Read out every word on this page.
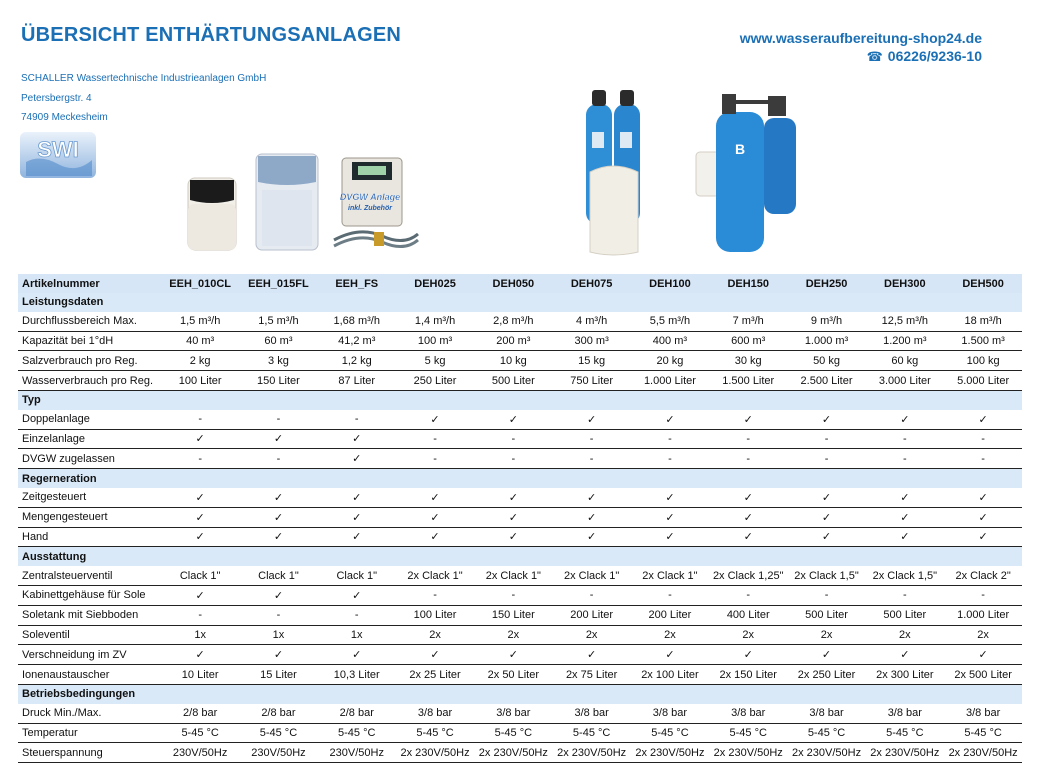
ÜBERSICHT ENTHÄRTUNGSANLAGEN	www.wasseraufbereitung-shop24.de
☎ 06226/9236-10
SCHALLER Wassertechnische Industrieanlagen GmbH
Petersbergstr. 4
74909 Meckesheim
SWI
DVGW Anlage
inkl. Zubehör
B
Artikelnummer	EEH_010CL	EEH_015FL	EEH_FS	DEH025	DEH050	DEH075	DEH100	DEH150	DEH250	DEH300	DEH500
Leistungsdaten											
Durchflussbereich Max.	1,5 m³/h	1,5 m³/h	1,68 m³/h	1,4 m³/h	2,8 m³/h	4 m³/h	5,5 m³/h	7 m³/h	9 m³/h	12,5 m³/h	18 m³/h
Kapazität bei 1°dH	40 m³	60 m³	41,2 m³	100 m³	200 m³	300 m³	400 m³	600 m³	1.000 m³	1.200 m³	1.500 m³
Salzverbrauch pro Reg.	2 kg	3 kg	1,2 kg	5 kg	10 kg	15 kg	20 kg	30 kg	50 kg	60 kg	100 kg
Wasserverbrauch pro Reg.	100 Liter	150 Liter	87 Liter	250 Liter	500 Liter	750 Liter	1.000 Liter	1.500 Liter	2.500 Liter	3.000 Liter	5.000 Liter
Typ											
Doppelanlage	-	-	-	✓	✓	✓	✓	✓	✓	✓	✓
Einzelanlage	✓	✓	✓	-	-	-	-	-	-	-	-
DVGW zugelassen	-	-	✓	-	-	-	-	-	-	-	-
Regerneration											
Zeitgesteuert	✓	✓	✓	✓	✓	✓	✓	✓	✓	✓	✓
Mengengesteuert	✓	✓	✓	✓	✓	✓	✓	✓	✓	✓	✓
Hand	✓	✓	✓	✓	✓	✓	✓	✓	✓	✓	✓
Ausstattung											
Zentralsteuerventil	Clack 1"	Clack 1"	Clack 1"	2x Clack 1"	2x Clack 1"	2x Clack 1"	2x Clack 1"	2x Clack 1,25"	2x Clack 1,5"	2x Clack 1,5"	2x Clack 2"
Kabinettgehäuse für Sole	✓	✓	✓	-	-	-	-	-	-	-	-
Soletank mit Siebboden	-	-	-	100 Liter	150 Liter	200 Liter	200 Liter	400 Liter	500 Liter	500 Liter	1.000 Liter
Soleventil	1x	1x	1x	2x	2x	2x	2x	2x	2x	2x	2x
Verschneidung im ZV	✓	✓	✓	✓	✓	✓	✓	✓	✓	✓	✓
Ionenaustauscher	10 Liter	15 Liter	10,3 Liter	2x 25 Liter	2x 50 Liter	2x 75 Liter	2x 100 Liter	2x 150 Liter	2x 250 Liter	2x 300 Liter	2x 500 Liter
Betriebsbedingungen											
Druck Min./Max.	2/8 bar	2/8 bar	2/8 bar	3/8 bar	3/8 bar	3/8 bar	3/8 bar	3/8 bar	3/8 bar	3/8 bar	3/8 bar
Temperatur	5-45 °C	5-45 °C	5-45 °C	5-45 °C	5-45 °C	5-45 °C	5-45 °C	5-45 °C	5-45 °C	5-45 °C	5-45 °C
Steuerspannung	230V/50Hz	230V/50Hz	230V/50Hz	2x 230V/50Hz	2x 230V/50Hz	2x 230V/50Hz	2x 230V/50Hz	2x 230V/50Hz	2x 230V/50Hz	2x 230V/50Hz	2x 230V/50Hz
